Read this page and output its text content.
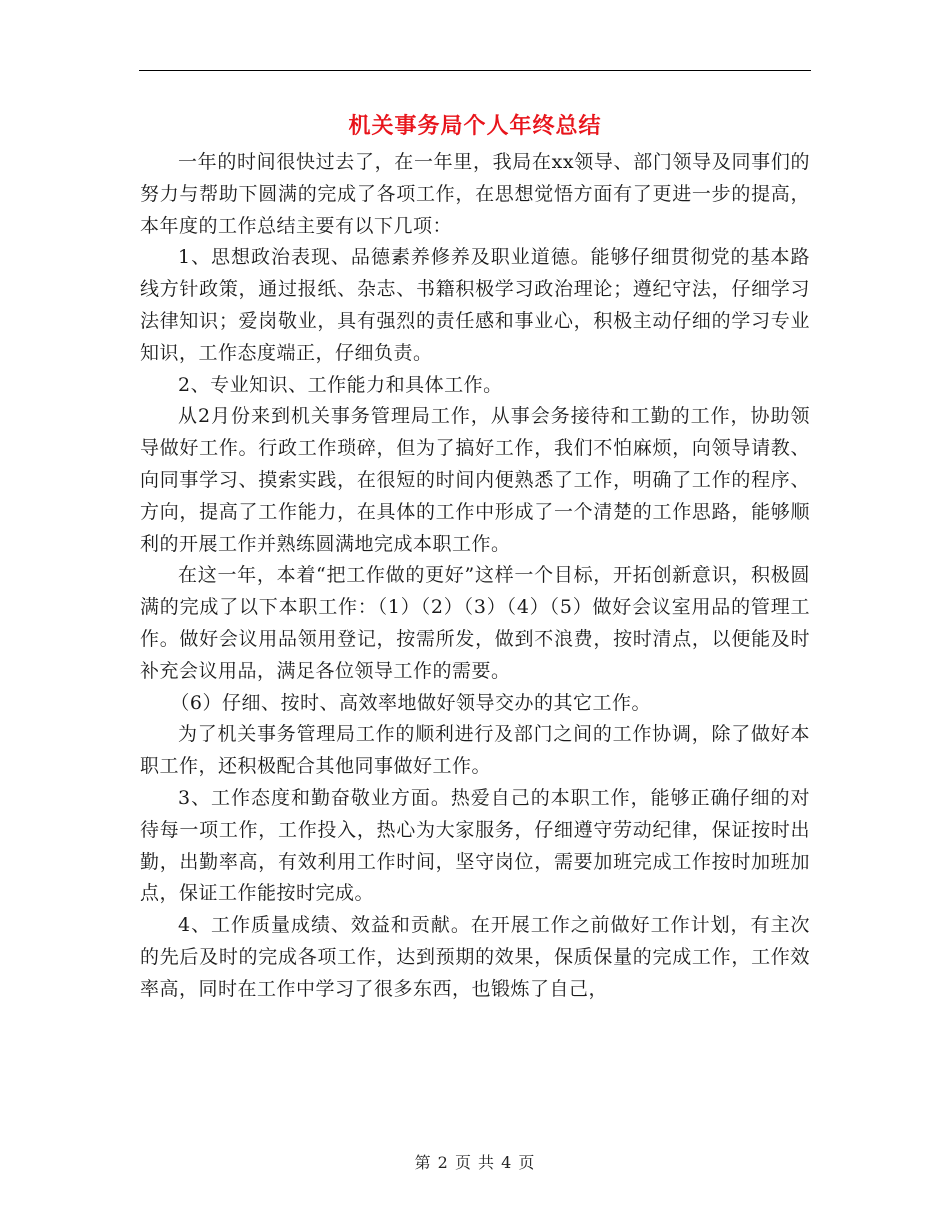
机关事务局个人年终总结

一年的时间很快过去了，在一年里，我局在xx领导、部门领导及同事们的努力与帮助下圆满的完成了各项工作，在思想觉悟方面有了更进一步的提高，本年度的工作总结主要有以下几项：

1、思想政治表现、品德素养修养及职业道德。能够仔细贯彻党的基本路线方针政策，通过报纸、杂志、书籍积极学习政治理论；遵纪守法，仔细学习法律知识；爱岗敬业，具有强烈的责任感和事业心，积极主动仔细的学习专业知识，工作态度端正，仔细负责。

2、专业知识、工作能力和具体工作。

从2月份来到机关事务管理局工作，从事会务接待和工勤的工作，协助领导做好工作。行政工作琐碎，但为了搞好工作，我们不怕麻烦，向领导请教、向同事学习、摸索实践，在很短的时间内便熟悉了工作，明确了工作的程序、方向，提高了工作能力，在具体的工作中形成了一个清楚的工作思路，能够顺利的开展工作并熟练圆满地完成本职工作。

在这一年，本着“把工作做的更好”这样一个目标，开拓创新意识，积极圆满的完成了以下本职工作：（1）（2）（3）（4）（5）做好会议室用品的管理工作。做好会议用品领用登记，按需所发，做到不浪费，按时清点，以便能及时补充会议用品，满足各位领导工作的需要。

（6）仔细、按时、高效率地做好领导交办的其它工作。

为了机关事务管理局工作的顺利进行及部门之间的工作协调，除了做好本职工作，还积极配合其他同事做好工作。

3、工作态度和勤奋敬业方面。热爱自己的本职工作，能够正确仔细的对待每一项工作，工作投入，热心为大家服务，仔细遵守劳动纪律，保证按时出勤，出勤率高，有效利用工作时间，坚守岗位，需要加班完成工作按时加班加点，保证工作能按时完成。

4、工作质量成绩、效益和贡献。在开展工作之前做好工作计划，有主次的先后及时的完成各项工作，达到预期的效果，保质保量的完成工作，工作效率高，同时在工作中学习了很多东西，也锻炼了自己，

第 2 页 共 4 页
